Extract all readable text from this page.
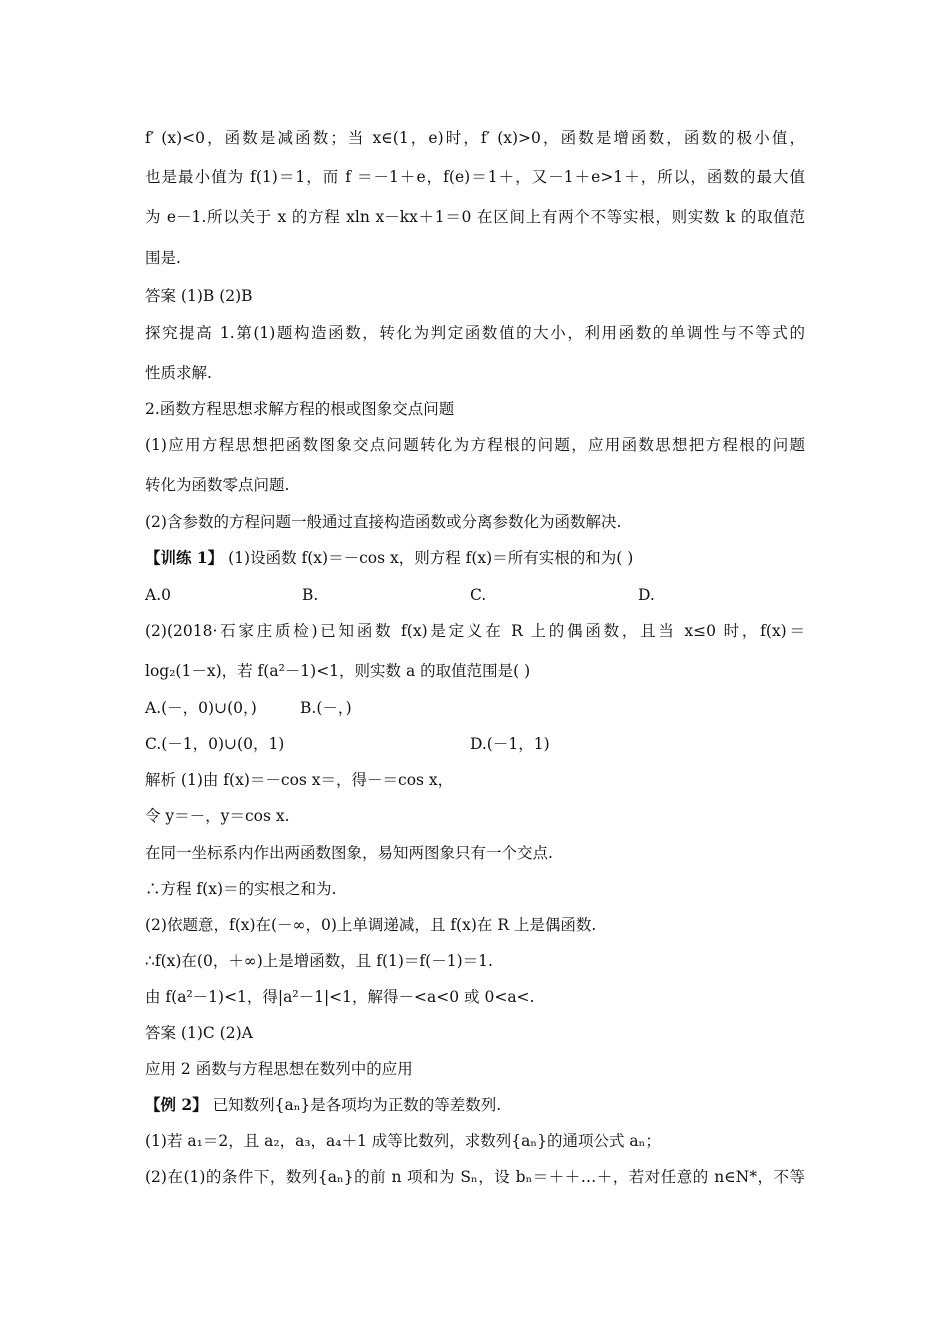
f′ (x)<0，函数是减函数；当 x∈(1，e)时，f′ (x)>0，函数是增函数，函数的极小值，
也是最小值为 f(1)＝1，而 f ＝－1＋e，f(e)＝1＋，又－1＋e>1＋，所以，函数的最大值
为 e－1.所以关于 x 的方程 xln x－kx＋1＝0 在区间上有两个不等实根，则实数 k 的取值范
围是.
答案 (1)B (2)B
探究提高 1.第(1)题构造函数，转化为判定函数值的大小，利用函数的单调性与不等式的
性质求解.
2.函数方程思想求解方程的根或图象交点问题
(1)应用方程思想把函数图象交点问题转化为方程根的问题，应用函数思想把方程根的问题
转化为函数零点问题.
(2)含参数的方程问题一般通过直接构造函数或分离参数化为函数解决.
【训练 1】 (1)设函数 f(x)＝－cos x，则方程 f(x)＝所有实根的和为( )
A.0	B.	C.	D.
(2)(2018·石家庄质检)已知函数 f(x)是定义在 R 上的偶函数，且当 x≤0 时，f(x)＝
log₂(1－x)，若 f(a²－1)<1，则实数 a 的取值范围是( )
A.(－，0)∪(0，)	B.(－，)
C.(－1，0)∪(0，1)	D.(－1，1)
解析 (1)由 f(x)＝－cos x＝，得－＝cos x，
令 y＝－，y＝cos x.
在同一坐标系内作出两函数图象，易知两图象只有一个交点.
∴方程 f(x)＝的实根之和为.
(2)依题意，f(x)在(－∞，0)上单调递减，且 f(x)在 R 上是偶函数.
∴f(x)在(0，＋∞)上是增函数，且 f(1)＝f(－1)＝1.
由 f(a²－1)<1，得|a²－1|<1，解得－<a<0 或 0<a<.
答案 (1)C (2)A
应用 2 函数与方程思想在数列中的应用
【例 2】 已知数列{aₙ}是各项均为正数的等差数列.
(1)若 a₁＝2，且 a₂，a₃，a₄＋1 成等比数列，求数列{aₙ}的通项公式 aₙ；
(2)在(1)的条件下，数列{aₙ}的前 n 项和为 Sₙ，设 bₙ＝＋＋…＋，若对任意的 n∈N*，不等
